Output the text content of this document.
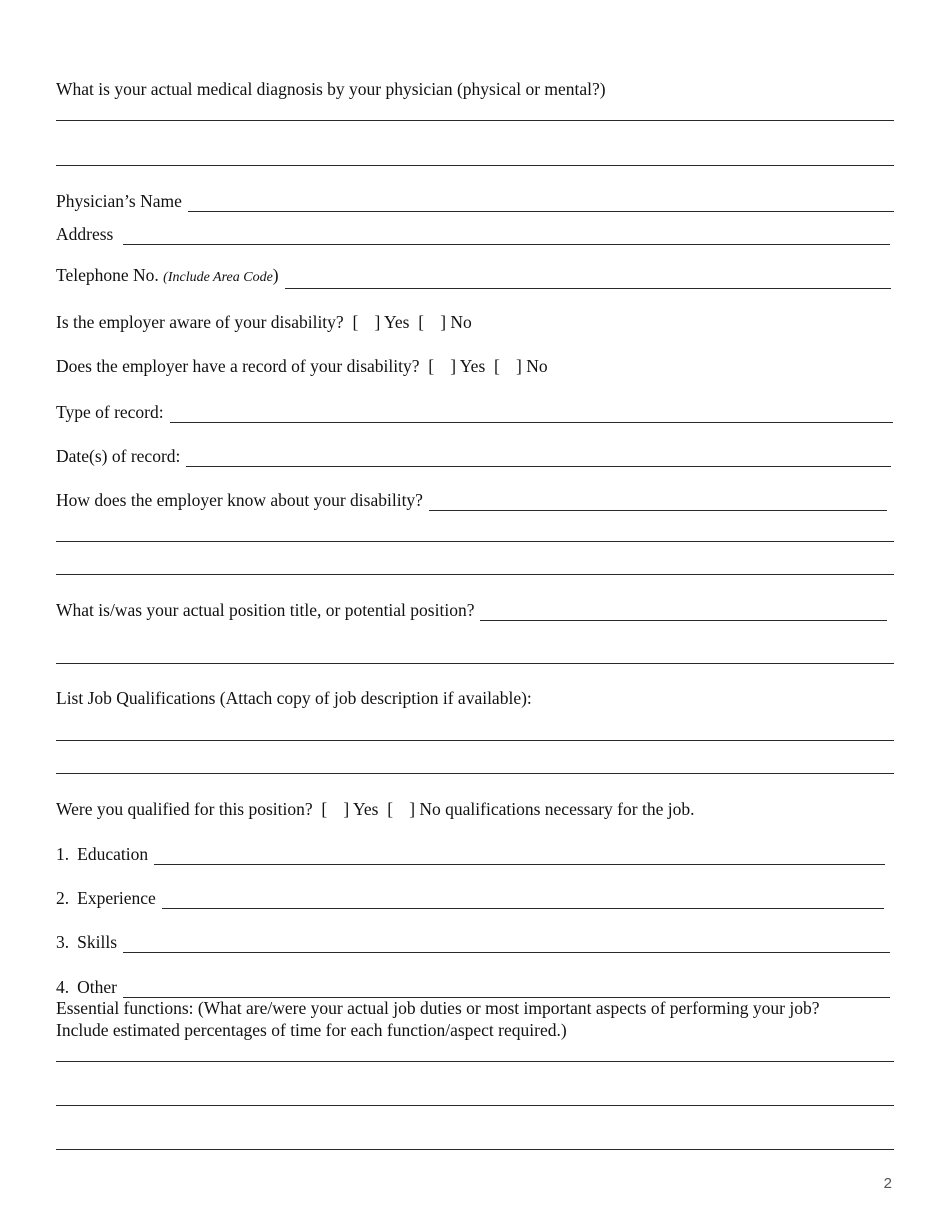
What is your actual medical diagnosis by your physician (physical or mental?)
Physician’s Name
Address
Telephone No. (Include Area Code)
Is the employer aware of your disability? [ ] Yes [ ] No
Does the employer have a record of your disability? [ ] Yes [ ] No
Type of record:
Date(s) of record:
How does the employer know about your disability?
What is/was your actual position title, or potential position?
List Job Qualifications (Attach copy of job description if available):
Were you qualified for this position? [ ] Yes [ ] No qualifications necessary for the job.
1. Education
2. Experience
3. Skills
4. Other
Essential functions: (What are/were your actual job duties or most important aspects of performing your job?
Include estimated percentages of time for each function/aspect required.)
2
